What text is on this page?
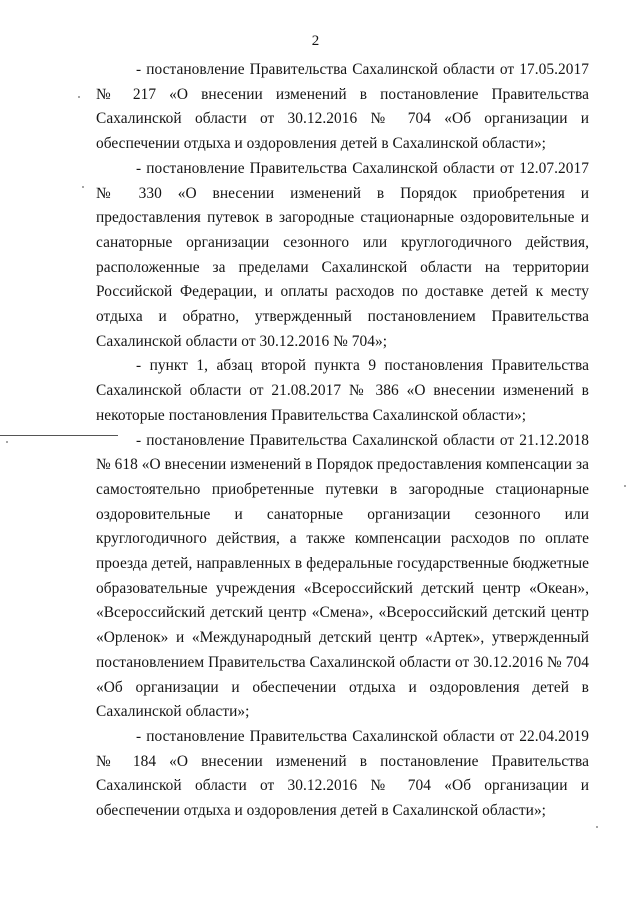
2

- постановление Правительства Сахалинской области от 17.05.2017 № 217 «О внесении изменений в постановление Правительства Сахалинской области от 30.12.2016 № 704 «Об организации и обеспечении отдыха и оздоровления детей в Сахалинской области»;

- постановление Правительства Сахалинской области от 12.07.2017 № 330 «О внесении изменений в Порядок приобретения и предоставления путевок в загородные стационарные оздоровительные и санаторные организации сезонного или круглогодичного действия, расположенные за пределами Сахалинской области на территории Российской Федерации, и оплаты расходов по доставке детей к месту отдыха и обратно, утвержденный постановлением Правительства Сахалинской области от 30.12.2016 № 704»;

- пункт 1, абзац второй пункта 9 постановления Правительства Сахалинской области от 21.08.2017 № 386 «О внесении изменений в некоторые постановления Правительства Сахалинской области»;

- постановление Правительства Сахалинской области от 21.12.2018 № 618 «О внесении изменений в Порядок предоставления компенсации за самостоятельно приобретенные путевки в загородные стационарные оздоровительные и санаторные организации сезонного или круглогодичного действия, а также компенсации расходов по оплате проезда детей, направленных в федеральные государственные бюджетные образовательные учреждения «Всероссийский детский центр «Океан», «Всероссийский детский центр «Смена», «Всероссийский детский центр «Орленок» и «Международный детский центр «Артек», утвержденный постановлением Правительства Сахалинской области от 30.12.2016 № 704 «Об организации и обеспечении отдыха и оздоровления детей в Сахалинской области»;

- постановление Правительства Сахалинской области от 22.04.2019 № 184 «О внесении изменений в постановление Правительства Сахалинской области от 30.12.2016 № 704 «Об организации и обеспечении отдыха и оздоровления детей в Сахалинской области»;
